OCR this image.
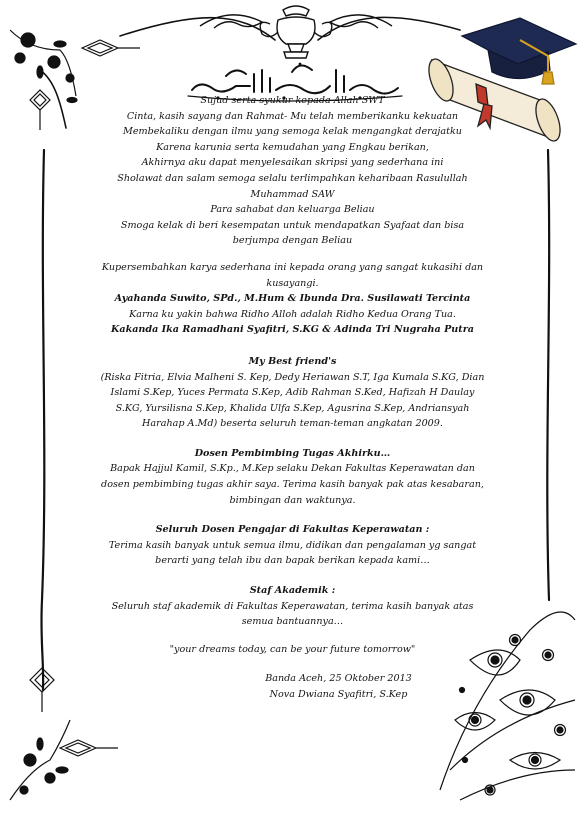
Sujud serta syukur kepada Allah SWT

Cinta, kasih sayang dan Rahmat- Mu telah memberikanku kekuatan

Membekaliku dengan ilmu yang semoga kelak mengangkat derajatku

Karena karunia serta kemudahan yang Engkau berikan,

Akhirnya aku dapat menyelesaikan skripsi yang sederhana ini

Sholawat dan salam semoga selalu terlimpahkan keharibaan Rasulullah Muhammad SAW

Para sahabat dan keluarga Beliau

Smoga kelak di beri kesempatan untuk mendapatkan Syafaat dan bisa berjumpa dengan Beliau

Kupersembahkan karya sederhana ini kepada orang yang sangat kukasihi dan kusayangi.

Ayahanda Suwito, SPd., M.Hum & Ibunda Dra. Susilawati Tercinta

Karna ku yakin bahwa Ridho Alloh adalah Ridho Kedua Orang Tua.

Kakanda Ika Ramadhani Syafitri, S.KG & Adinda Tri Nugraha Putra

My Best friend's

(Riska Fitria, Elvia Malheni S. Kep, Dedy Heriawan S.T, Iga Kumala S.KG, Dian Islami S.Kep, Yuces Permata S.Kep, Adib Rahman S.Ked, Hafizah H Daulay S.KG, Yursilisna S.Kep, Khalida Ulfa S.Kep, Agusrina S.Kep, Andriansyah Harahap A.Md) beserta seluruh teman-teman angkatan 2009.

Dosen Pembimbing Tugas Akhirku…

Bapak Hajjul Kamil, S.Kp., M.Kep selaku Dekan Fakultas Keperawatan dan dosen pembimbing tugas akhir saya. Terima kasih banyak pak atas kesabaran, bimbingan dan waktunya.

Seluruh Dosen Pengajar di Fakultas Keperawatan :

Terima kasih banyak untuk semua ilmu, didikan dan pengalaman yg sangat berarti yang telah ibu dan bapak berikan kepada kami…

Staf Akademik :

Seluruh staf akademik di Fakultas Keperawatan, terima kasih banyak atas semua bantuannya…

"your dreams today, can be your future tomorrow"

Banda Aceh, 25 Oktober 2013

Nova Dwiana Syafitri, S.Kep
